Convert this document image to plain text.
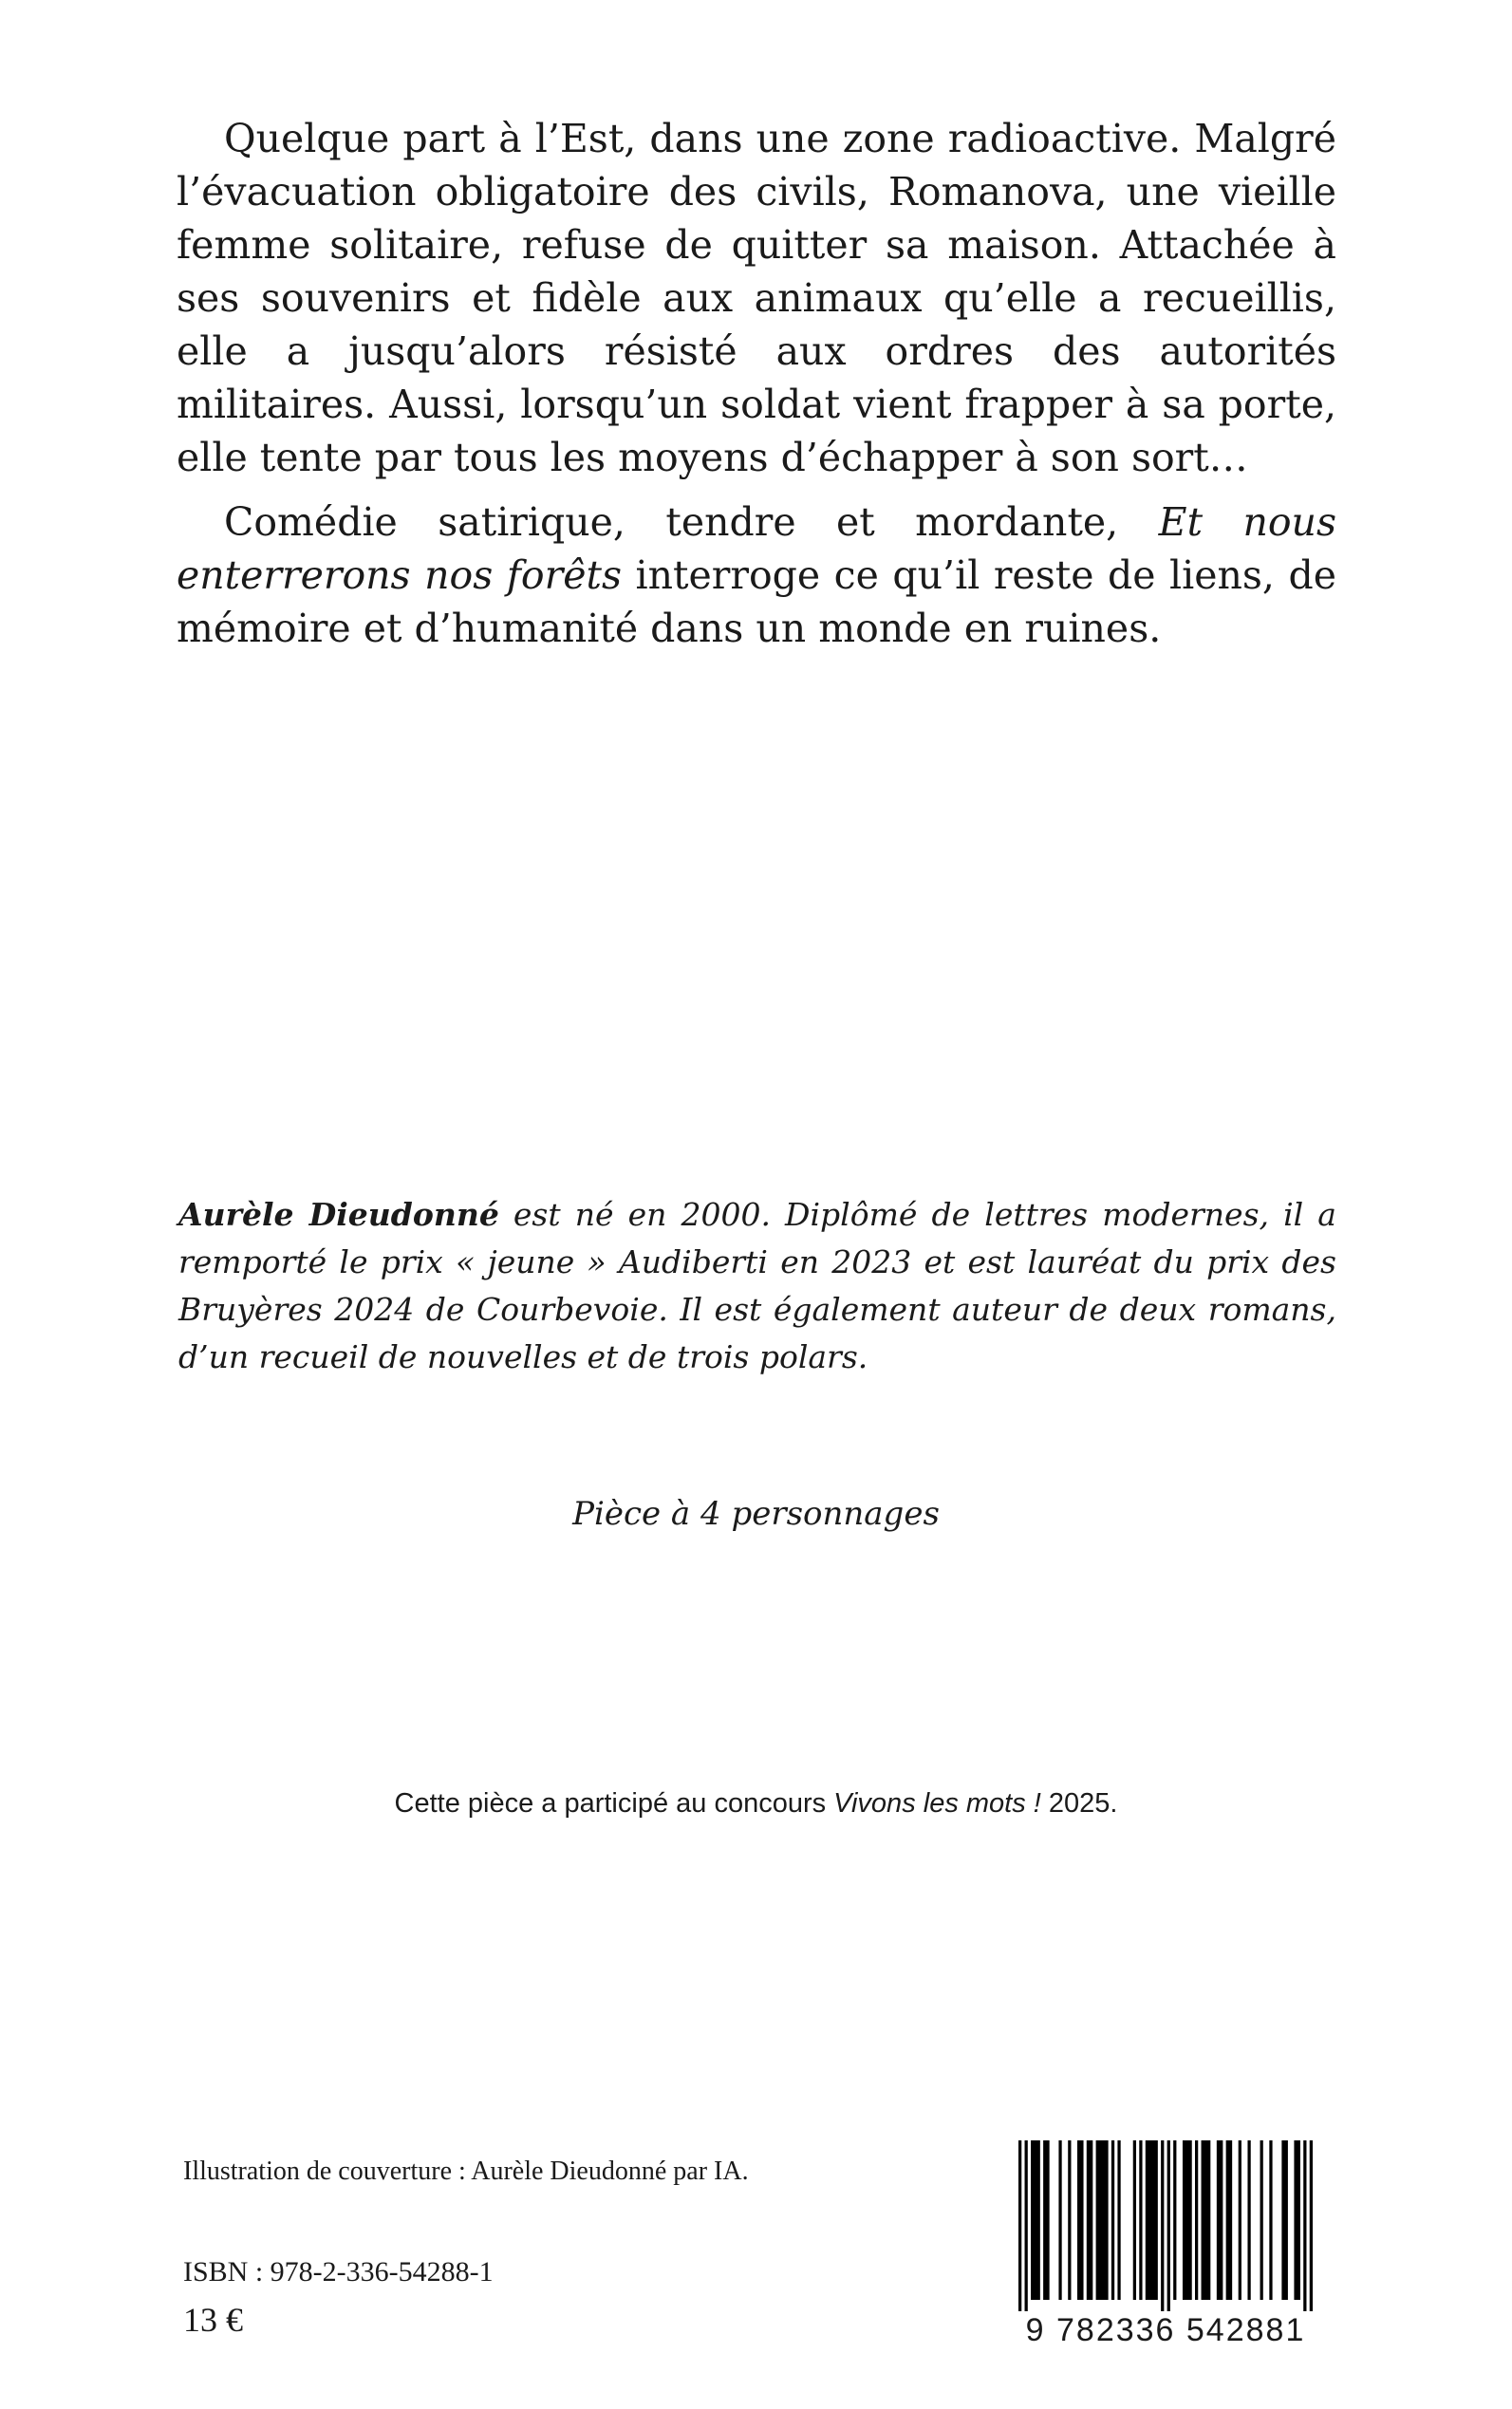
Quelque part à l’Est, dans une zone radioactive. Malgré l’évacuation obligatoire des civils, Romanova, une vieille femme solitaire, refuse de quitter sa maison. Attachée à ses souvenirs et fidèle aux animaux qu’elle a recueillis, elle a jusqu’alors résisté aux ordres des autorités militaires. Aussi, lorsqu’un soldat vient frapper à sa porte, elle tente par tous les moyens d’échapper à son sort…

Comédie satirique, tendre et mordante, Et nous enterrerons nos forêts interroge ce qu’il reste de liens, de mémoire et d’humanité dans un monde en ruines.

Aurèle Dieudonné est né en 2000. Diplômé de lettres modernes, il a remporté le prix « jeune » Audiberti en 2023 et est lauréat du prix des Bruyères 2024 de Courbevoie. Il est également auteur de deux romans, d’un recueil de nouvelles et de trois polars.
Pièce à 4 personnages
Cette pièce a participé au concours Vivons les mots ! 2025.
Illustration de couverture : Aurèle Dieudonné par IA.
ISBN : 978-2-336-54288-1
13 €	9 782336 542881
